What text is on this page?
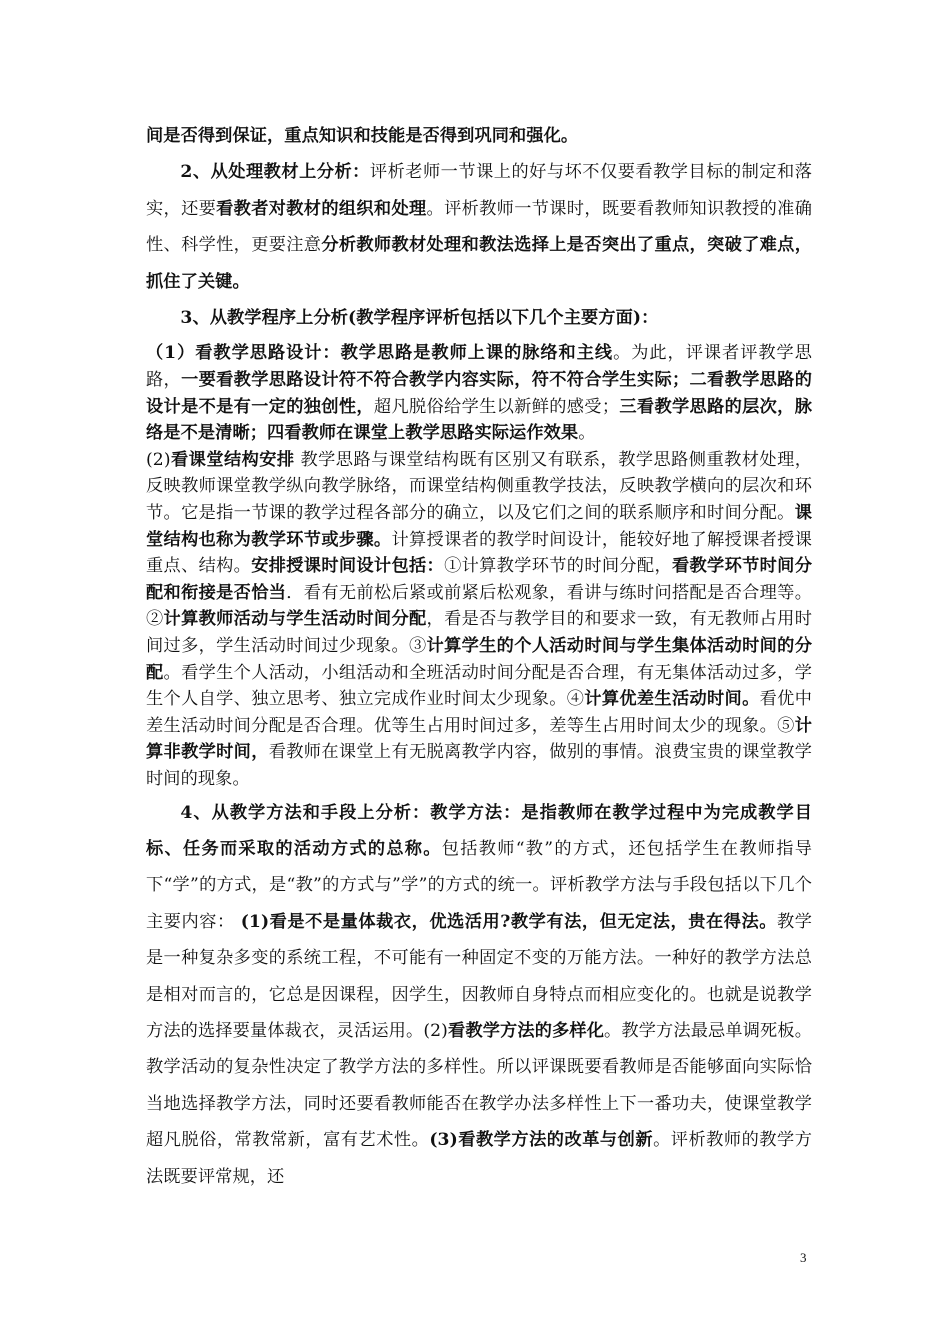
间是否得到保证，重点知识和技能是否得到巩同和强化。

2、从处理教材上分析：评析老师一节课上的好与坏不仅要看教学目标的制定和落实，还要看教者对教材的组织和处理。评析教师一节课时，既要看教师知识教授的准确性、科学性，更要注意分析教师教材处理和教法选择上是否突出了重点，突破了难点，抓住了关键。

3、从教学程序上分析(教学程序评析包括以下几个主要方面)：

（1）看教学思路设计：教学思路是教师上课的脉络和主线。为此，评课者评教学思路，一要看教学思路设计符不符合教学内容实际，符不符合学生实际；二看教学思路的设计是不是有一定的独创性，超凡脱俗给学生以新鲜的感受；三看教学思路的层次，脉络是不是清晰；四看教师在课堂上教学思路实际运作效果。

(2)看课堂结构安排 教学思路与课堂结构既有区别又有联系，教学思路侧重教材处理，反映教师课堂教学纵向教学脉络，而课堂结构侧重教学技法，反映教学横向的层次和环节。它是指一节课的教学过程各部分的确立，以及它们之间的联系顺序和时间分配。课堂结构也称为教学环节或步骤。计算授课者的教学时间设计，能较好地了解授课者授课重点、结构。安排授课时间设计包括：①计算教学环节的时间分配，看教学环节时间分配和衔接是否恰当．看有无前松后紧或前紧后松观象，看讲与练时问搭配是否合理等。②计算教师活动与学生活动时间分配，看是否与教学目的和要求一致，有无教师占用时间过多，学生活动时间过少现象。③计算学生的个人活动时间与学生集体活动时间的分配。看学生个人活动，小组活动和全班活动时间分配是否合理，有无集体活动过多，学生个人自学、独立思考、独立完成作业时间太少现象。④计算优差生活动时间。看优中差生活动时间分配是否合理。优等生占用时间过多，差等生占用时间太少的现象。⑤计算非教学时间，看教师在课堂上有无脱离教学内容，做别的事情。浪费宝贵的课堂教学时间的现象。

4、从教学方法和手段上分析：教学方法：是指教师在教学过程中为完成教学目标、任务而采取的活动方式的总称。包括教师“教”的方式，还包括学生在教师指导下“学”的方式，是“教”的方式与”学”的方式的统一。评析教学方法与手段包括以下几个主要内容： (1)看是不是量体裁衣，优选活用?教学有法，但无定法，贵在得法。教学是一种复杂多变的系统工程，不可能有一种固定不变的万能方法。一种好的教学方法总是相对而言的，它总是因课程，因学生，因教师自身特点而相应变化的。也就是说教学方法的选择要量体裁衣，灵活运用。(2)看教学方法的多样化。教学方法最忌单调死板。教学活动的复杂性决定了教学方法的多样性。所以评课既要看教师是否能够面向实际恰当地选择教学方法，同时还要看教师能否在教学办法多样性上下一番功夫，使课堂教学超凡脱俗，常教常新，富有艺术性。(3)看教学方法的改革与创新。评析教师的教学方法既要评常规，还

3
